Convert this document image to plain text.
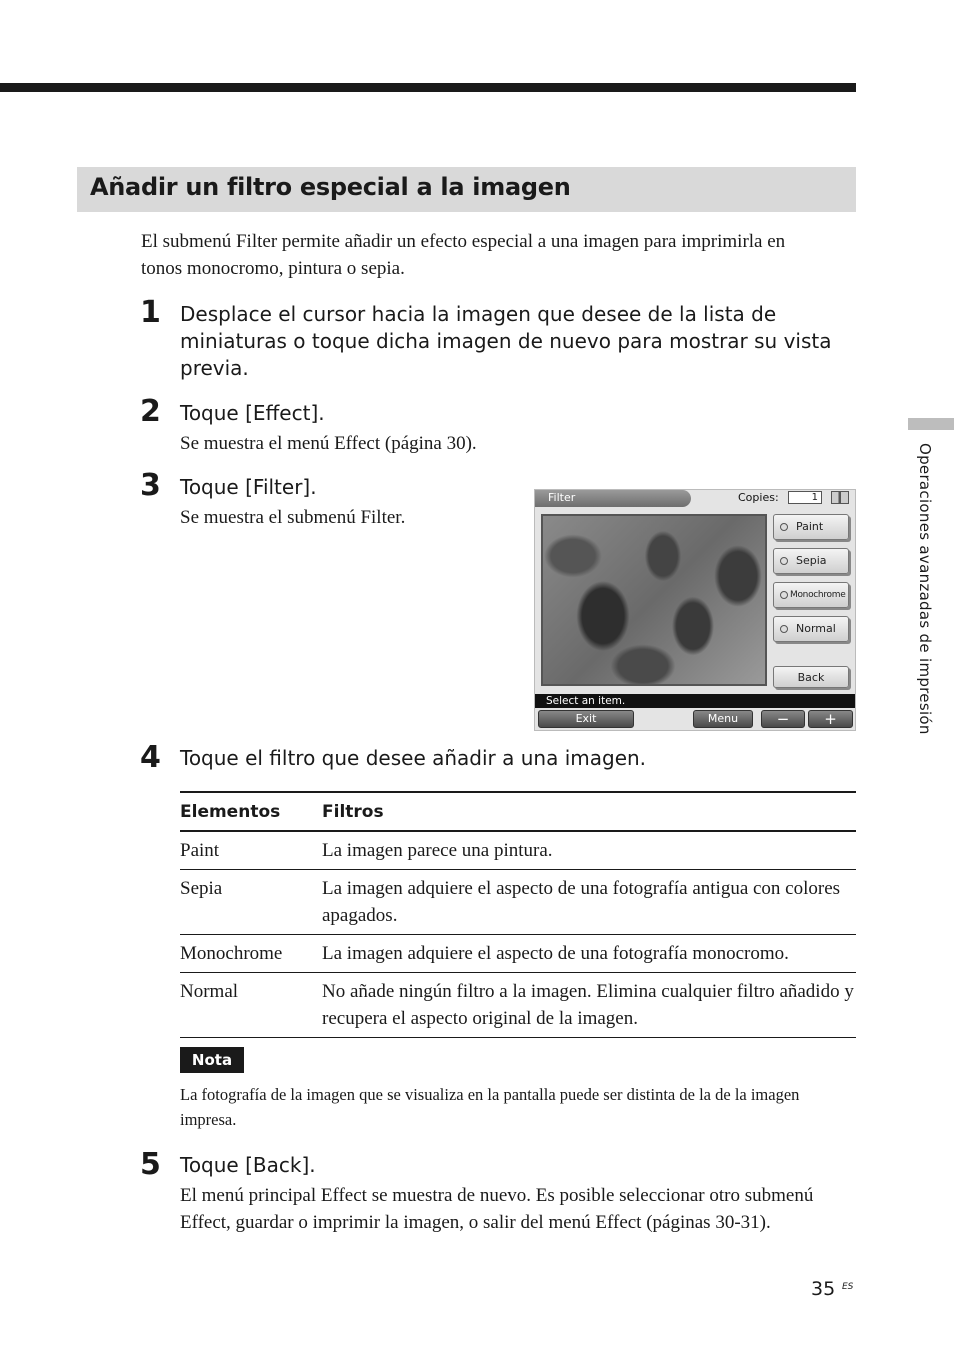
Añadir un filtro especial a la imagen
El submenú Filter permite añadir un efecto especial a una imagen para imprimirla en tonos monocromo, pintura o sepia.
1 Desplace el cursor hacia la imagen que desee de la lista de miniaturas o toque dicha imagen de nuevo para mostrar su vista previa.
2 Toque [Effect].
Se muestra el menú Effect (página 30).
3 Toque [Filter].
Se muestra el submenú Filter.
Filter	Copies:	1
Paint
Sepia
Monochrome
Normal
Back
Select an item.
Exit	Menu	−	+
4 Toque el filtro que desee añadir a una imagen.
Elementos	Filtros
Paint	La imagen parece una pintura.
Sepia	La imagen adquiere el aspecto de una fotografía antigua con colores apagados.
Monochrome	La imagen adquiere el aspecto de una fotografía monocromo.
Normal	No añade ningún filtro a la imagen. Elimina cualquier filtro añadido y recupera el aspecto original de la imagen.
Nota
La fotografía de la imagen que se visualiza en la pantalla puede ser distinta de la de la imagen impresa.
5 Toque [Back].
El menú principal Effect se muestra de nuevo. Es posible seleccionar otro submenú Effect, guardar o imprimir la imagen, o salir del menú Effect (páginas 30-31).
Operaciones avanzadas de impresión
35 ES
